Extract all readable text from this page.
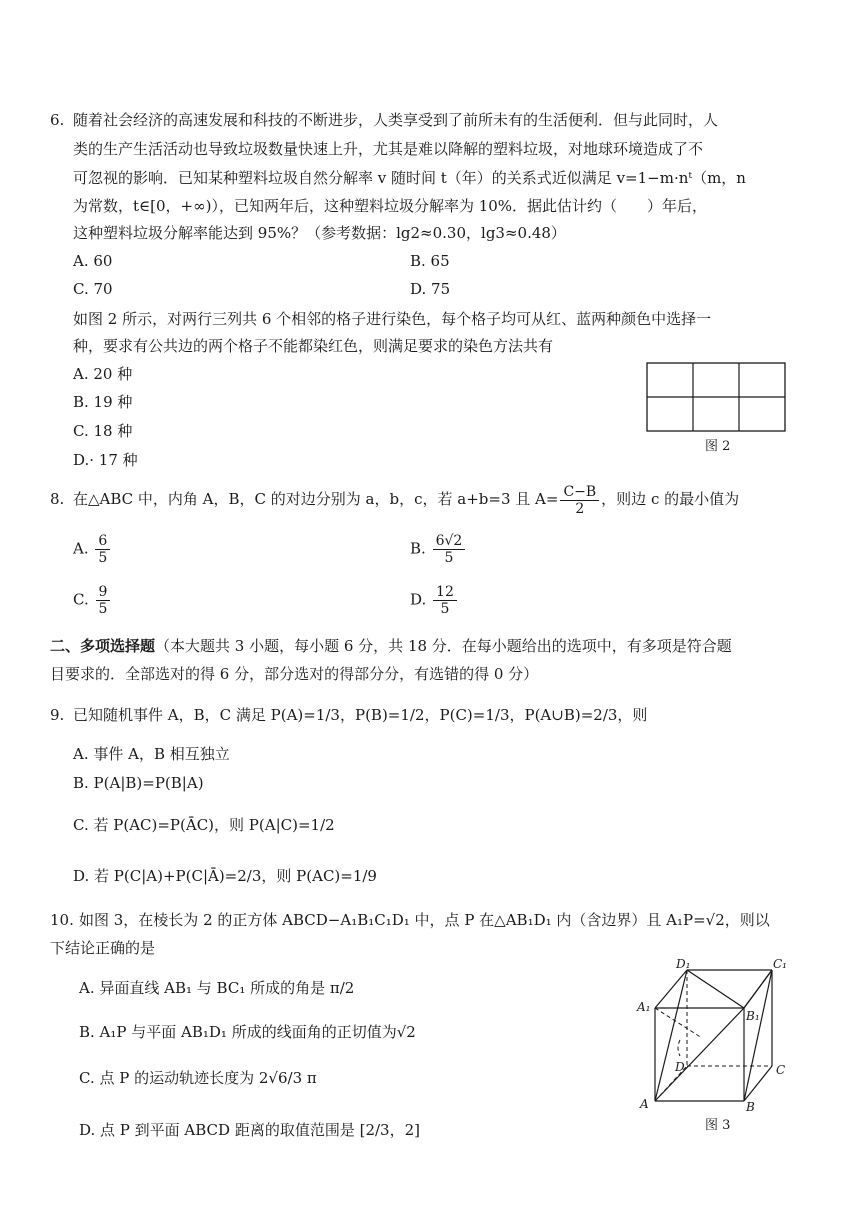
6. 随着社会经济的高速发展和科技的不断进步，人类享受到了前所未有的生活便利．但与此同时，人
类的生产生活活动也导致垃圾数量快速上升，尤其是难以降解的塑料垃圾，对地球环境造成了不
可忽视的影响．已知某种塑料垃圾自然分解率 v 随时间 t（年）的关系式近似满足 v=1−m·nᵗ（m，n
为常数，t∈[0，+∞)），已知两年后，这种塑料垃圾分解率为 10%．据此估计约（　　）年后，
这种塑料垃圾分解率能达到 95%？（参考数据：lg2≈0.30，lg3≈0.48）
A. 60	B. 65
C. 70	D. 75
如图 2 所示，对两行三列共 6 个相邻的格子进行染色，每个格子均可从红、蓝两种颜色中选择一
种，要求有公共边的两个格子不能都染红色，则满足要求的染色方法共有
A. 20 种
B. 19 种
C. 18 种
D.· 17 种
图 2
8. 在△ABC 中，内角 A，B，C 的对边分别为 a，b，c，若 a+b=3 且 $A= \frac{C-B}{2}$ ，则边 c 的最小值为
A. $\frac{6}{5}$	B. $\frac{6√2}{5}$
C. $\frac{9}{5}$	D. $\frac{12}{5}$
二、多项选择题（本大题共 3 小题，每小题 6 分，共 18 分．在每小题给出的选项中，有多项是符合题
目要求的．全部选对的得 6 分，部分选对的得部分分，有选错的得 0 分）
9. 已知随机事件 A，B，C 满足 P(A)=1/3，P(B)=1/2，P(C)=1/3，P(A∪B)=2/3，则
A. 事件 A，B 相互独立
B. P(A|B)=P(B|A)
C. 若 P(AC)=P(ĀC)，则 P(A|C)=1/2
D. 若 P(C|A)+P(C|Ā)=2/3，则 P(AC)=1/9
10. 如图 3，在棱长为 2 的正方体 ABCD−A₁B₁C₁D₁ 中，点 P 在△AB₁D₁ 内（含边界）且 A₁P=√2，则以
下结论正确的是
A. 异面直线 AB₁ 与 BC₁ 所成的角是 π/2
B. A₁P 与平面 AB₁D₁ 所成的线面角的正切值为√2
C. 点 P 的运动轨迹长度为 2√6/3 π
D. 点 P 到平面 ABCD 距离的取值范围是 [2/3，2]
D₁	C₁
A₁
B₁
D	C
A	B
图 3
